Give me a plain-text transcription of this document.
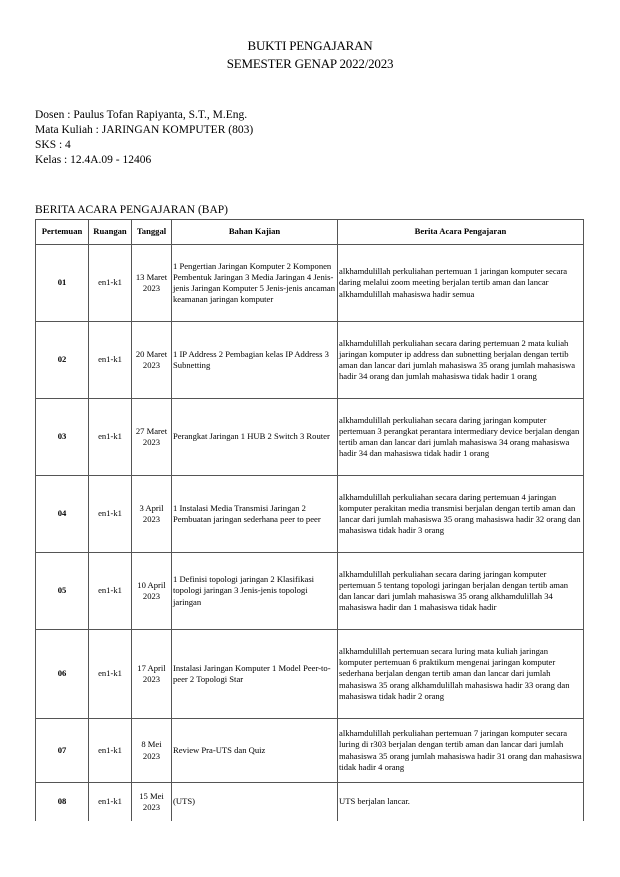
BUKTI PENGAJARAN
SEMESTER GENAP 2022/2023
Dosen : Paulus Tofan Rapiyanta, S.T., M.Eng.
Mata Kuliah : JARINGAN KOMPUTER (803)
SKS : 4
Kelas : 12.4A.09 - 12406
BERITA ACARA PENGAJARAN (BAP)
Pertemuan	Ruangan	Tanggal	Bahan Kajian	Berita Acara Pengajaran
01	en1-k1	13 Maret 2023	1 Pengertian Jaringan Komputer 2 Komponen Pembentuk Jaringan 3 Media Jaringan 4 Jenis-jenis Jaringan Komputer 5 Jenis-jenis ancaman keamanan jaringan komputer	alkhamdulillah perkuliahan pertemuan 1 jaringan komputer secara daring melalui zoom meeting berjalan tertib aman dan lancar alkhamdulillah mahasiswa hadir semua
02	en1-k1	20 Maret 2023	1 IP Address 2 Pembagian kelas IP Address 3 Subnetting	alkhamdulillah perkuliahan secara daring pertemuan 2 mata kuliah jaringan komputer ip address dan subnetting berjalan dengan tertib aman dan lancar dari jumlah mahasiswa 35 orang jumlah mahasiswa hadir 34 orang dan jumlah mahasiswa tidak hadir 1 orang
03	en1-k1	27 Maret 2023	Perangkat Jaringan 1 HUB 2 Switch 3 Router	alkhamdulillah perkuliahan secara daring jaringan komputer pertemuan 3 perangkat perantara intermediary device berjalan dengan tertib aman dan lancar dari jumlah mahasiswa 34 orang mahasiswa hadir 34 dan mahasiswa tidak hadir 1 orang
04	en1-k1	3 April 2023	1 Instalasi Media Transmisi Jaringan 2 Pembuatan jaringan sederhana peer to peer	alkhamdulillah perkuliahan secara daring pertemuan 4 jaringan komputer perakitan media transmisi berjalan dengan tertib aman dan lancar dari jumlah mahasiswa 35 orang mahasiswa hadir 32 orang dan mahasiswa tidak hadir 3 orang
05	en1-k1	10 April 2023	1 Definisi topologi jaringan 2 Klasifikasi topologi jaringan 3 Jenis-jenis topologi jaringan	alkhamdulillah perkuliahan secara daring jaringan komputer pertemuan 5 tentang topologi jaringan berjalan dengan tertib aman dan lancar dari jumlah mahasiswa 35 orang alkhamdulillah 34 mahasiswa hadir dan 1 mahasiswa tidak hadir
06	en1-k1	17 April 2023	Instalasi Jaringan Komputer 1 Model Peer-to-peer 2 Topologi Star	alkhamdulillah pertemuan secara luring mata kuliah jaringan komputer pertemuan 6 praktikum mengenai jaringan komputer sederhana berjalan dengan tertib aman dan lancar dari jumlah mahasiswa 35 orang alkhamdulillah mahasiswa hadir 33 orang dan mahasiswa tidak hadir 2 orang
07	en1-k1	8 Mei 2023	Review Pra-UTS dan Quiz	alkhamdulillah perkuliahan pertemuan 7 jaringan komputer secara luring di r303 berjalan dengan tertib aman dan lancar dari jumlah mahasiswa 35 orang jumlah mahasiswa hadir 31 orang dan mahasiswa tidak hadir 4 orang
08	en1-k1	15 Mei 2023	(UTS)	UTS berjalan lancar.
